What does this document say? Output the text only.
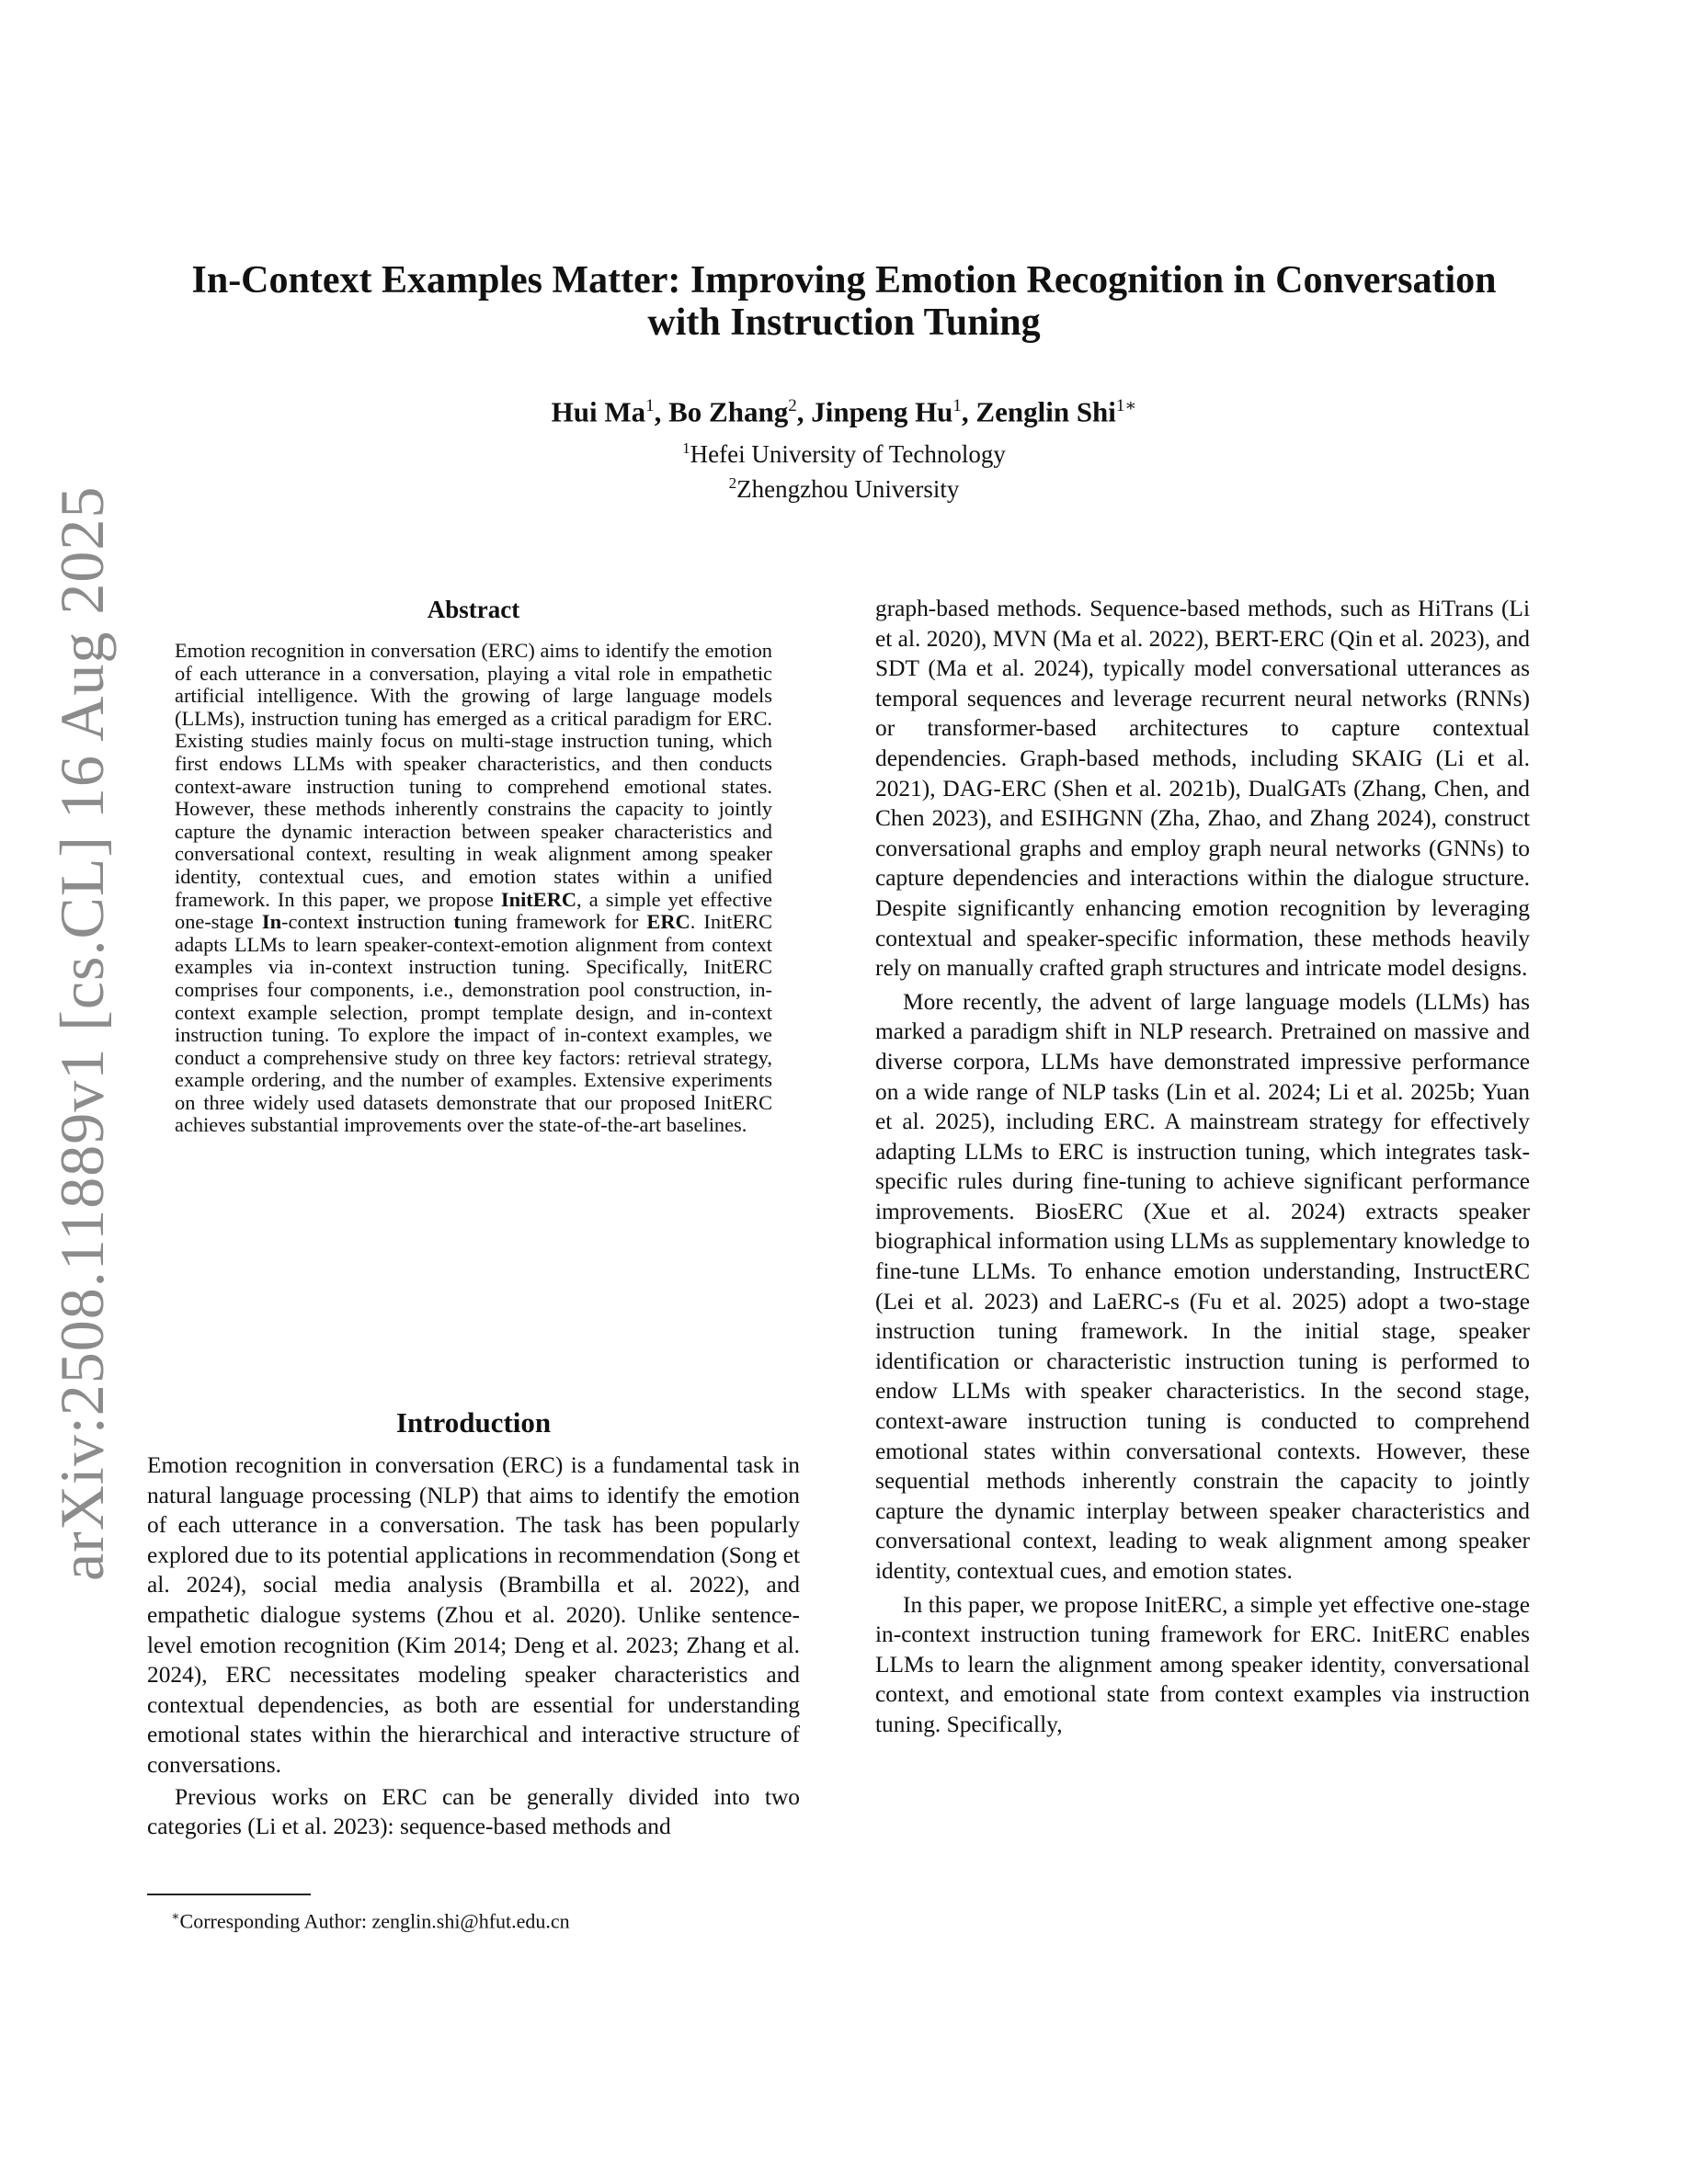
arXiv:2508.11889v1 [cs.CL] 16 Aug 2025
In-Context Examples Matter: Improving Emotion Recognition in Conversation
with Instruction Tuning
Hui Ma$^1$, Bo Zhang$^2$, Jinpeng Hu$^1$, Zenglin Shi$^{1∗}$
$^1$Hefei University of Technology
$^2$Zhengzhou University
Abstract
Emotion recognition in conversation (ERC) aims to identify the emotion of each utterance in a conversation, playing a vital role in empathetic artificial intelligence. With the growing of large language models (LLMs), instruction tuning has emerged as a critical paradigm for ERC. Existing studies mainly focus on multi-stage instruction tuning, which first endows LLMs with speaker characteristics, and then conducts context-aware instruction tuning to comprehend emotional states. However, these methods inherently constrains the capacity to jointly capture the dynamic interaction between speaker characteristics and conversational context, resulting in weak alignment among speaker identity, contextual cues, and emotion states within a unified framework. In this paper, we propose InitERC, a simple yet effective one-stage In-context instruction tuning framework for ERC. InitERC adapts LLMs to learn speaker-context-emotion alignment from context examples via in-context instruction tuning. Specifically, InitERC comprises four components, i.e., demonstration pool construction, in-context example selection, prompt template design, and in-context instruction tuning. To explore the impact of in-context examples, we conduct a comprehensive study on three key factors: retrieval strategy, example ordering, and the number of examples. Extensive experiments on three widely used datasets demonstrate that our proposed InitERC achieves substantial improvements over the state-of-the-art baselines.
Introduction

Emotion recognition in conversation (ERC) is a fundamental task in natural language processing (NLP) that aims to identify the emotion of each utterance in a conversation. The task has been popularly explored due to its potential applications in recommendation (Song et al. 2024), social media analysis (Brambilla et al. 2022), and empathetic dialogue systems (Zhou et al. 2020). Unlike sentence-level emotion recognition (Kim 2014; Deng et al. 2023; Zhang et al. 2024), ERC necessitates modeling speaker characteristics and contextual dependencies, as both are essential for understanding emotional states within the hierarchical and interactive structure of conversations.

Previous works on ERC can be generally divided into two categories (Li et al. 2023): sequence-based methods and

∗Corresponding Author: zenglin.shi@hfut.edu.cn

graph-based methods. Sequence-based methods, such as HiTrans (Li et al. 2020), MVN (Ma et al. 2022), BERT-ERC (Qin et al. 2023), and SDT (Ma et al. 2024), typically model conversational utterances as temporal sequences and leverage recurrent neural networks (RNNs) or transformer-based architectures to capture contextual dependencies. Graph-based methods, including SKAIG (Li et al. 2021), DAG-ERC (Shen et al. 2021b), DualGATs (Zhang, Chen, and Chen 2023), and ESIHGNN (Zha, Zhao, and Zhang 2024), construct conversational graphs and employ graph neural networks (GNNs) to capture dependencies and interactions within the dialogue structure. Despite significantly enhancing emotion recognition by leveraging contextual and speaker-specific information, these methods heavily rely on manually crafted graph structures and intricate model designs.

More recently, the advent of large language models (LLMs) has marked a paradigm shift in NLP research. Pretrained on massive and diverse corpora, LLMs have demonstrated impressive performance on a wide range of NLP tasks (Lin et al. 2024; Li et al. 2025b; Yuan et al. 2025), including ERC. A mainstream strategy for effectively adapting LLMs to ERC is instruction tuning, which integrates task-specific rules during fine-tuning to achieve significant performance improvements. BiosERC (Xue et al. 2024) extracts speaker biographical information using LLMs as supplementary knowledge to fine-tune LLMs. To enhance emotion understanding, InstructERC (Lei et al. 2023) and LaERC-s (Fu et al. 2025) adopt a two-stage instruction tuning framework. In the initial stage, speaker identification or characteristic instruction tuning is performed to endow LLMs with speaker characteristics. In the second stage, context-aware instruction tuning is conducted to comprehend emotional states within conversational contexts. However, these sequential methods inherently constrain the capacity to jointly capture the dynamic interplay between speaker characteristics and conversational context, leading to weak alignment among speaker identity, contextual cues, and emotion states.

In this paper, we propose InitERC, a simple yet effective one-stage in-context instruction tuning framework for ERC. InitERC enables LLMs to learn the alignment among speaker identity, conversational context, and emotional state from context examples via instruction tuning. Specifically,
